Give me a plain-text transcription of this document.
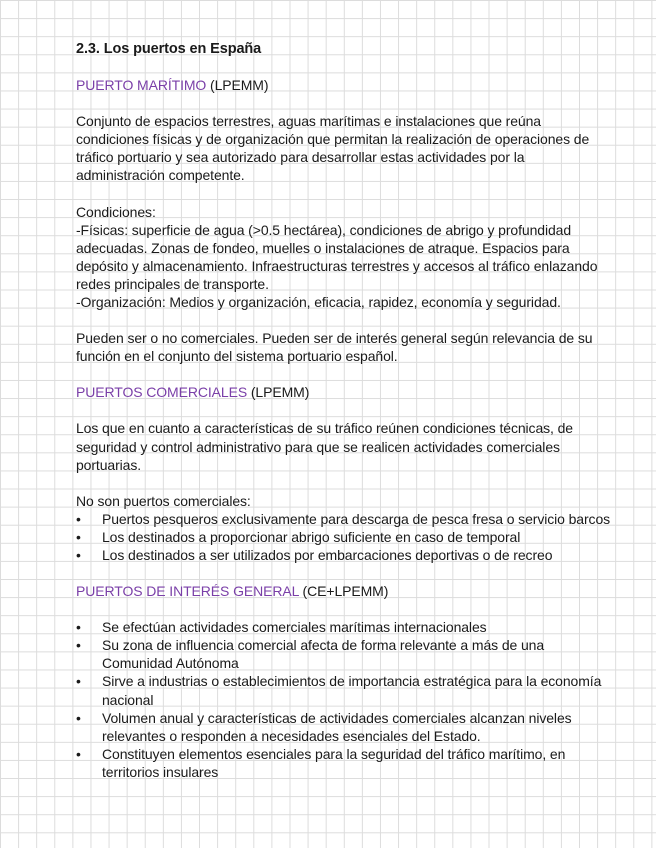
2.3. Los puertos en España
PUERTO MARÍTIMO (LPEMM)

Conjunto de espacios terrestres, aguas marítimas e instalaciones que reúna condiciones físicas y de organización que permitan la realización de operaciones de tráfico portuario y sea autorizado para desarrollar estas actividades por la administración competente.

Condiciones:
-Físicas: superficie de agua (>0.5 hectárea), condiciones de abrigo y profundidad adecuadas. Zonas de fondeo, muelles o instalaciones de atraque. Espacios para depósito y almacenamiento. Infraestructuras terrestres y accesos al tráfico enlazando redes principales de transporte.
-Organización: Medios y organización, eficacia, rapidez, economía y seguridad.

Pueden ser o no comerciales. Pueden ser de interés general según relevancia de su función en el conjunto del sistema portuario español.

PUERTOS COMERCIALES (LPEMM)

Los que en cuanto a características de su tráfico reúnen condiciones técnicas, de seguridad y control administrativo para que se realicen actividades comerciales portuarias.

No son puertos comerciales:
• Puertos pesqueros exclusivamente para descarga de pesca fresa o servicio barcos
• Los destinados a proporcionar abrigo suficiente en caso de temporal
• Los destinados a ser utilizados por embarcaciones deportivas o de recreo
PUERTOS DE INTERÉS GENERAL (CE+LPEMM)
• Se efectúan actividades comerciales marítimas internacionales
• Su zona de influencia comercial afecta de forma relevante a más de una Comunidad Autónoma
• Sirve a industrias o establecimientos de importancia estratégica para la economía nacional
• Volumen anual y características de actividades comerciales alcanzan niveles relevantes o responden a necesidades esenciales del Estado.
• Constituyen elementos esenciales para la seguridad del tráfico marítimo, en territorios insulares
